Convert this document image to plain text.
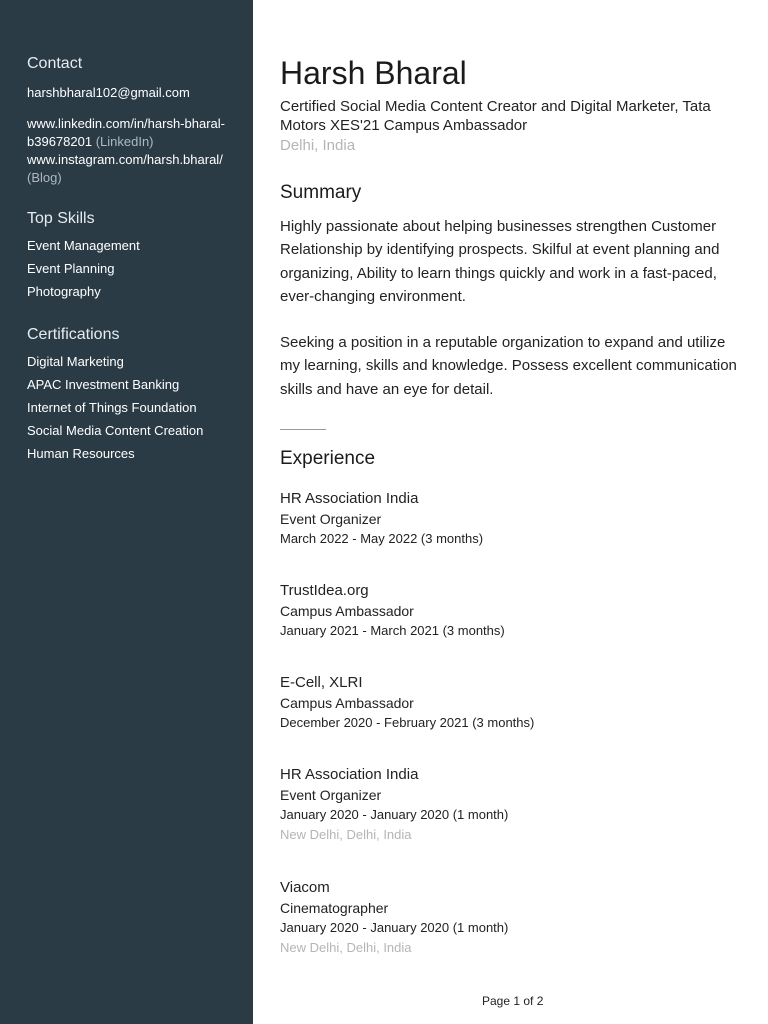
Contact
harshbharal102@gmail.com
www.linkedin.com/in/harsh-bharal-
b39678201 (LinkedIn)
www.instagram.com/harsh.bharal/
(Blog)
Top Skills
Event Management
Event Planning
Photography
Certifications
Digital Marketing
APAC Investment Banking
Internet of Things Foundation
Social Media Content Creation
Human Resources
Harsh Bharal
Certified Social Media Content Creator and Digital Marketer, Tata Motors XES'21 Campus Ambassador
Delhi, India
Summary
Highly passionate about helping businesses strengthen Customer Relationship by identifying prospects. Skilful at event planning and organizing, Ability to learn things quickly and work in a fast-paced, ever-changing environment.
Seeking a position in a reputable organization to expand and utilize my learning, skills and knowledge. Possess excellent communication skills and have an eye for detail.
Experience
HR Association India
Event Organizer
March 2022 - May 2022 (3 months)
TrustIdea.org
Campus Ambassador
January 2021 - March 2021 (3 months)
E-Cell, XLRI
Campus Ambassador
December 2020 - February 2021 (3 months)
HR Association India
Event Organizer
January 2020 - January 2020 (1 month)
New Delhi, Delhi, India
Viacom
Cinematographer
January 2020 - January 2020 (1 month)
New Delhi, Delhi, India
Page 1 of 2
